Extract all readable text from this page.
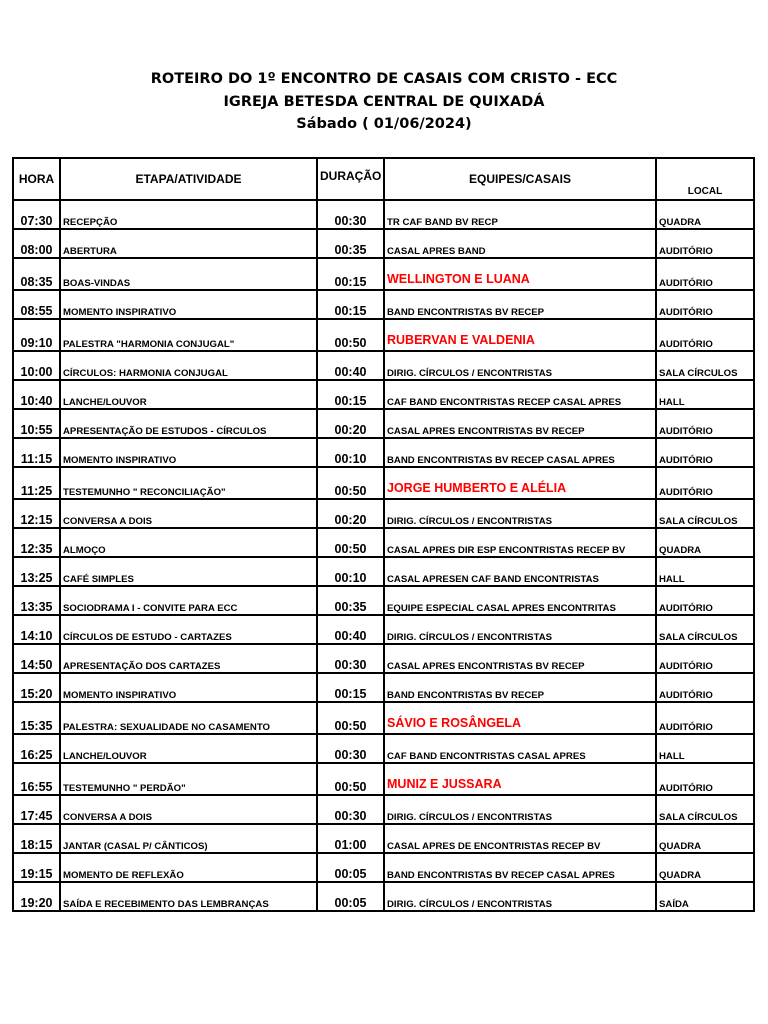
ROTEIRO DO 1º ENCONTRO DE CASAIS COM CRISTO - ECC
IGREJA BETESDA CENTRAL DE QUIXADÁ
Sábado ( 01/06/2024)
HORA	ETAPA/ATIVIDADE	DURAÇÃO	EQUIPES/CASAIS	LOCAL
07:30	RECEPÇÃO	00:30	TR CAF BAND BV RECP	QUADRA
08:00	ABERTURA	00:35	CASAL APRES BAND	AUDITÓRIO
08:35	BOAS-VINDAS	00:15	WELLINGTON E LUANA	AUDITÓRIO
08:55	MOMENTO INSPIRATIVO	00:15	BAND ENCONTRISTAS BV RECEP	AUDITÓRIO
09:10	PALESTRA "HARMONIA CONJUGAL"	00:50	RUBERVAN E VALDENIA	AUDITÓRIO
10:00	CÍRCULOS: HARMONIA CONJUGAL	00:40	DIRIG. CÍRCULOS / ENCONTRISTAS	SALA CÍRCULOS
10:40	LANCHE/LOUVOR	00:15	CAF BAND ENCONTRISTAS RECEP CASAL APRES	HALL
10:55	APRESENTAÇÃO DE ESTUDOS - CÍRCULOS	00:20	CASAL APRES ENCONTRISTAS BV RECEP	AUDITÓRIO
11:15	MOMENTO INSPIRATIVO	00:10	BAND ENCONTRISTAS BV RECEP CASAL APRES	AUDITÓRIO
11:25	TESTEMUNHO " RECONCILIAÇÃO"	00:50	JORGE HUMBERTO E ALÉLIA	AUDITÓRIO
12:15	CONVERSA A DOIS	00:20	DIRIG. CÍRCULOS / ENCONTRISTAS	SALA CÍRCULOS
12:35	ALMOÇO	00:50	CASAL APRES DIR ESP ENCONTRISTAS RECEP BV	QUADRA
13:25	CAFÉ SIMPLES	00:10	CASAL APRESEN CAF BAND ENCONTRISTAS	HALL
13:35	SOCIODRAMA I - CONVITE PARA ECC	00:35	EQUIPE ESPECIAL CASAL APRES ENCONTRITAS	AUDITÓRIO
14:10	CÍRCULOS DE ESTUDO - CARTAZES	00:40	DIRIG. CÍRCULOS / ENCONTRISTAS	SALA CÍRCULOS
14:50	APRESENTAÇÃO DOS CARTAZES	00:30	CASAL APRES ENCONTRISTAS BV RECEP	AUDITÓRIO
15:20	MOMENTO INSPIRATIVO	00:15	BAND ENCONTRISTAS BV RECEP	AUDITÓRIO
15:35	PALESTRA: SEXUALIDADE NO CASAMENTO	00:50	SÁVIO E ROSÂNGELA	AUDITÓRIO
16:25	LANCHE/LOUVOR	00:30	CAF BAND ENCONTRISTAS CASAL APRES	HALL
16:55	TESTEMUNHO " PERDÃO"	00:50	MUNIZ E JUSSARA	AUDITÓRIO
17:45	CONVERSA A DOIS	00:30	DIRIG. CÍRCULOS / ENCONTRISTAS	SALA CÍRCULOS
18:15	JANTAR (CASAL P/ CÂNTICOS)	01:00	CASAL APRES DE ENCONTRISTAS RECEP BV	QUADRA
19:15	MOMENTO DE REFLEXÃO	00:05	BAND ENCONTRISTAS BV RECEP CASAL APRES	QUADRA
19:20	SAÍDA E RECEBIMENTO DAS LEMBRANÇAS	00:05	DIRIG. CÍRCULOS / ENCONTRISTAS	SAÍDA
